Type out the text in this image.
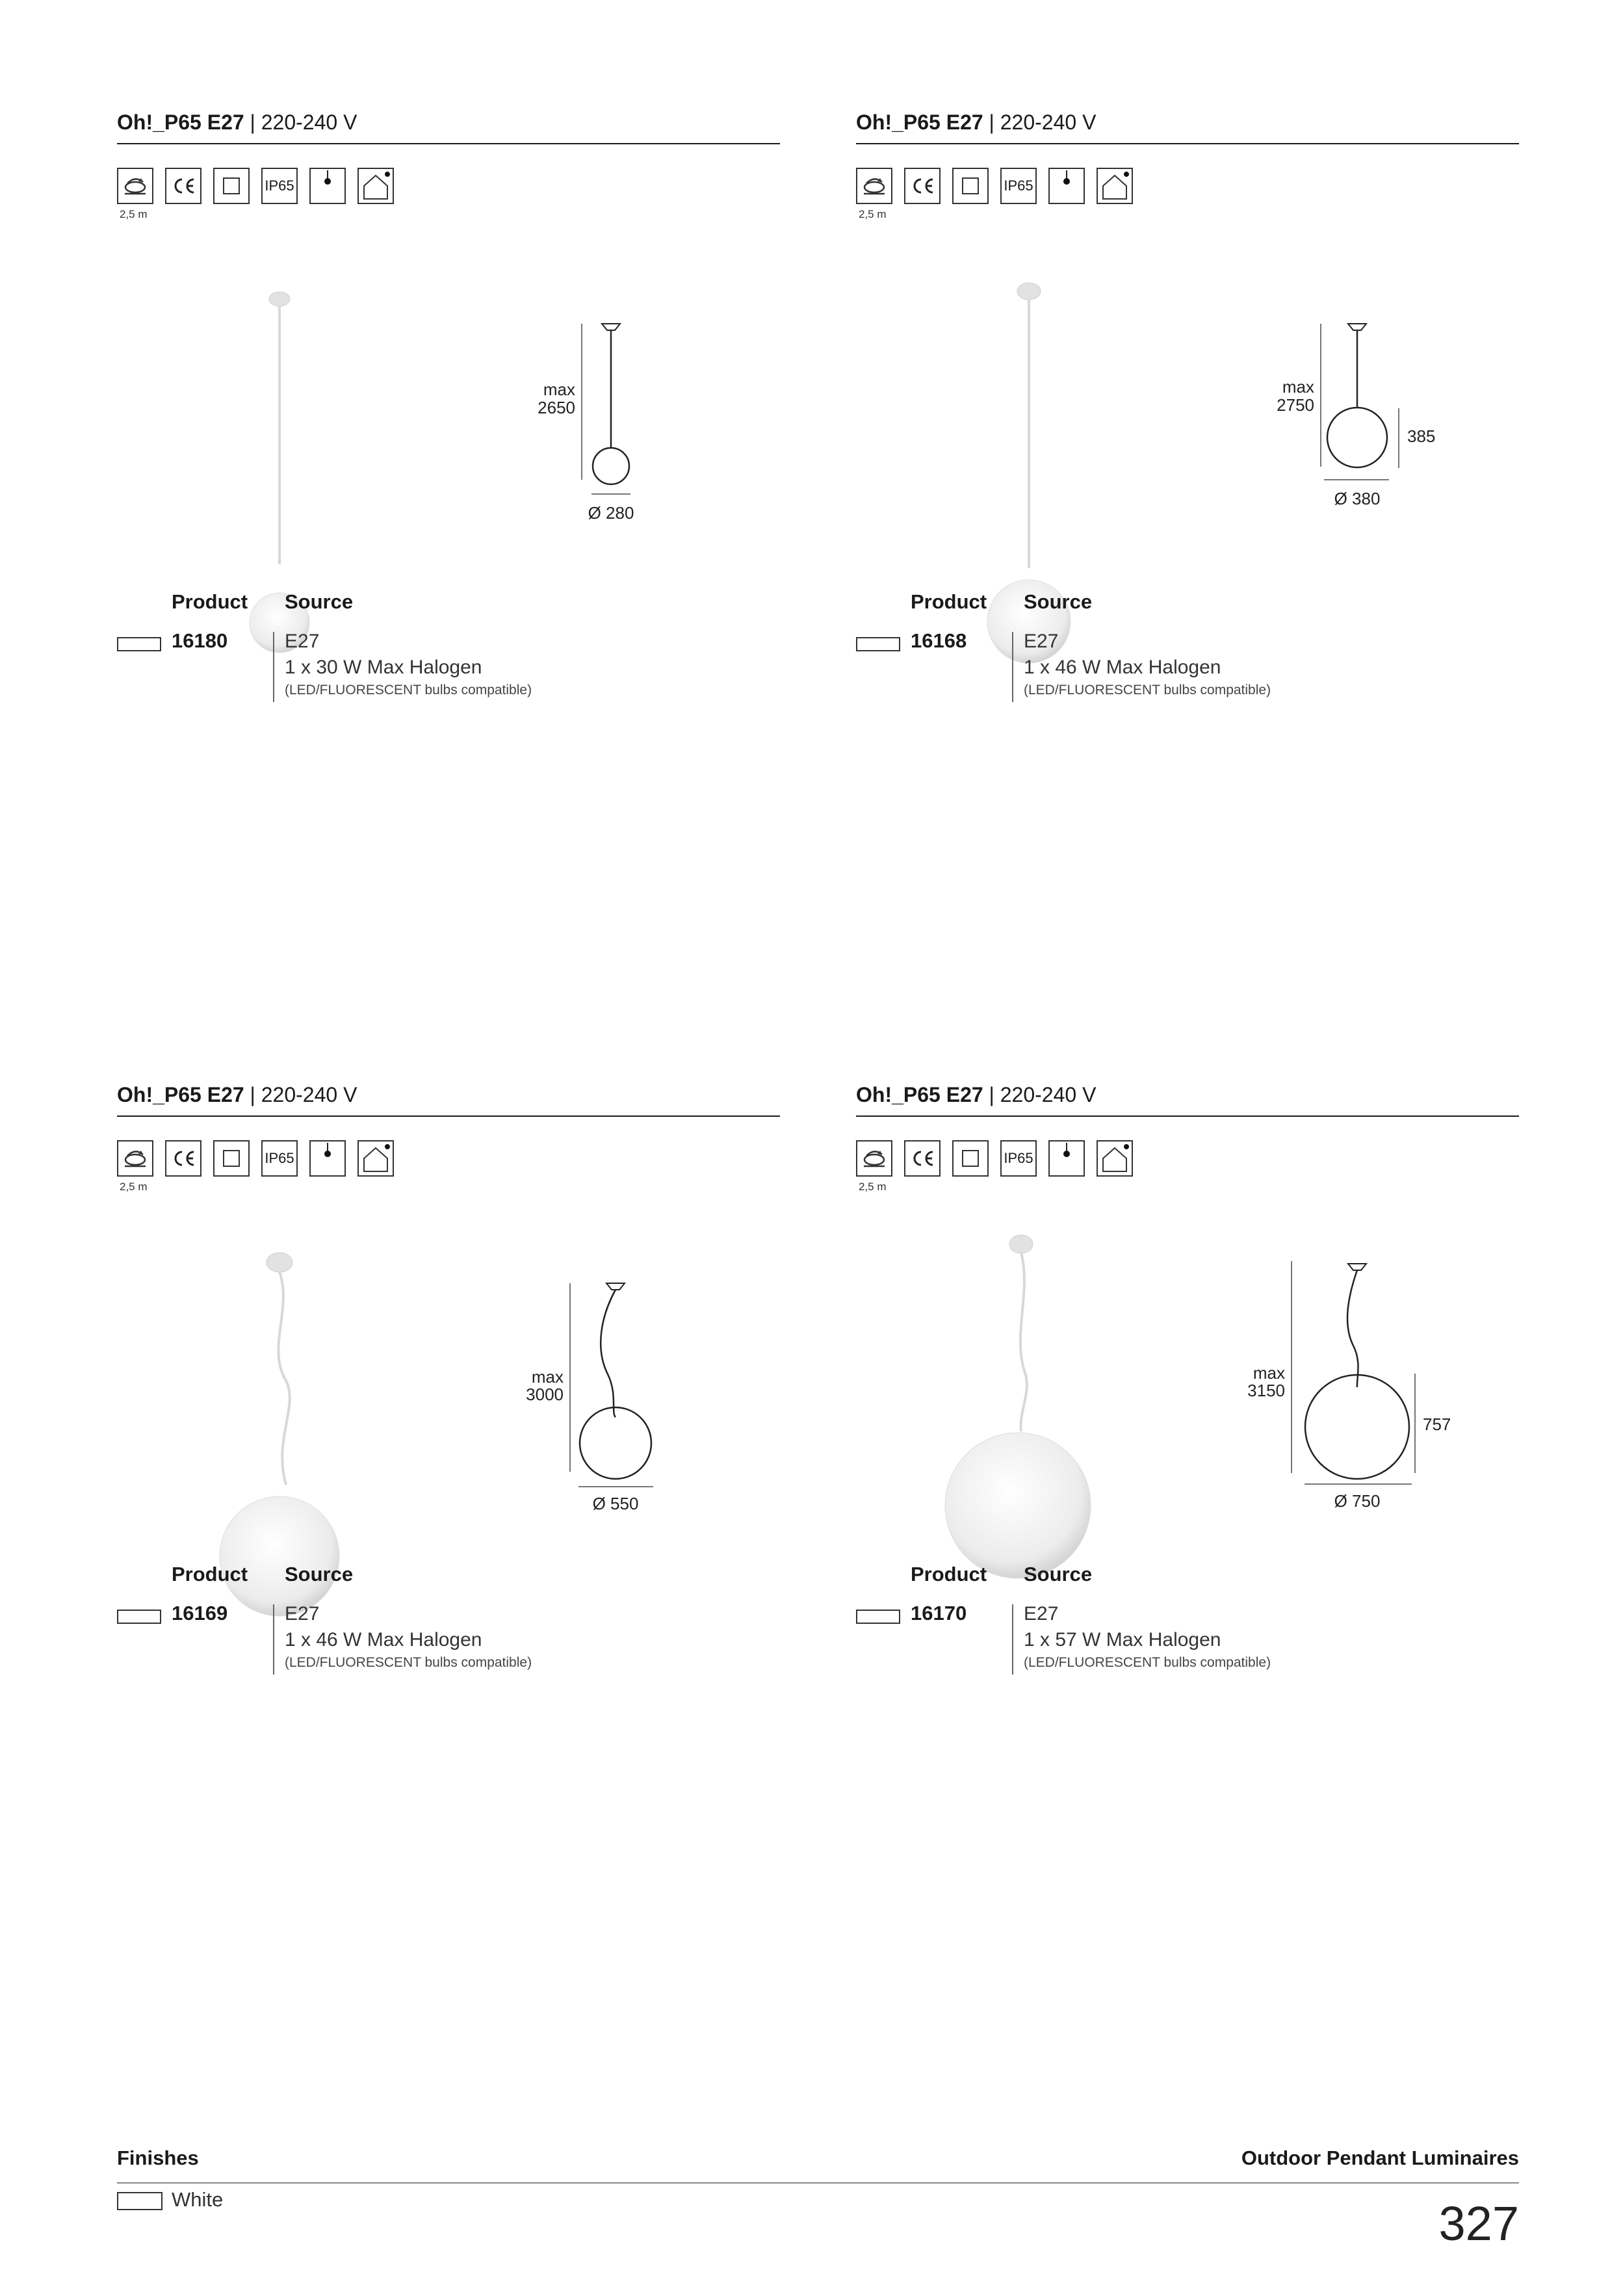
Oh!_P65 E27 | 220-240 V
IP65
2,5 m
max
2650
Ø 280
Product Source
16180	E27
1 x 30 W Max Halogen
(LED/FLUORESCENT bulbs compatible)
Oh!_P65 E27 | 220-240 V
IP65
2,5 m
max
2750
385
Ø 380
Product Source
16168	E27
1 x 46 W Max Halogen
(LED/FLUORESCENT bulbs compatible)
Oh!_P65 E27 | 220-240 V
IP65
2,5 m
max
3000
Ø 550
Product Source
16169	E27
1 x 46 W Max Halogen
(LED/FLUORESCENT bulbs compatible)
Oh!_P65 E27 | 220-240 V
IP65
2,5 m
max
3150
757
Ø 750
Product Source
16170	E27
1 x 57 W Max Halogen
(LED/FLUORESCENT bulbs compatible)
Finishes	Outdoor Pendant Luminaires
White	327
